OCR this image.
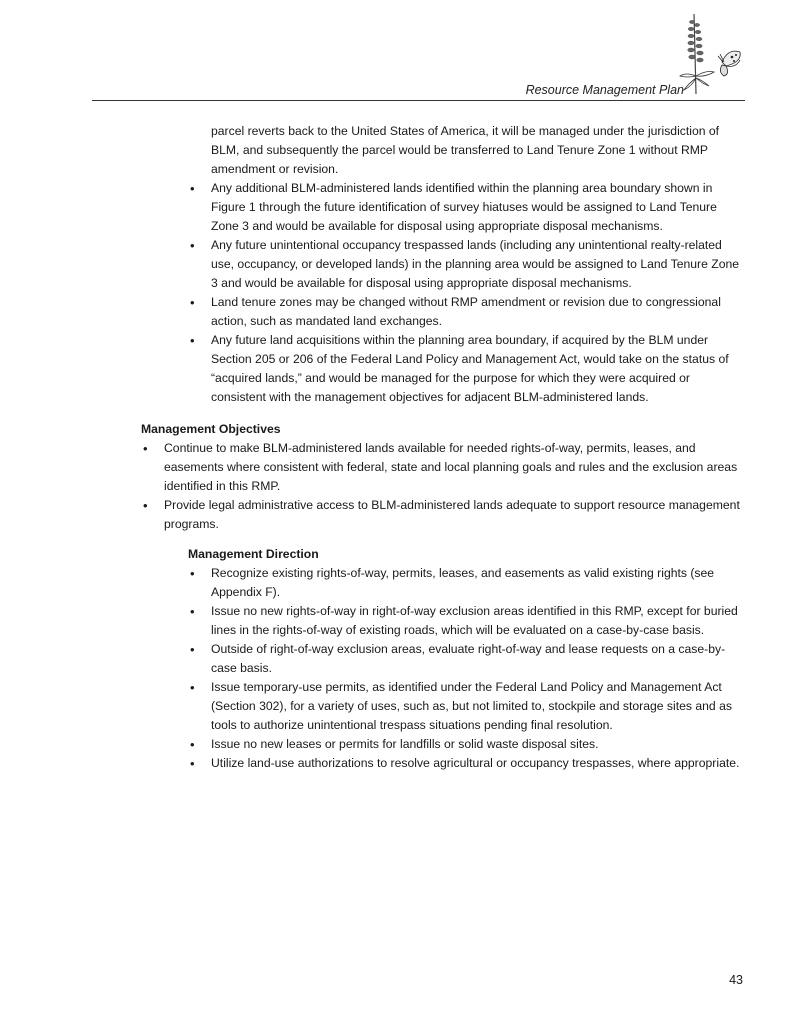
Resource Management Plan

parcel reverts back to the United States of America, it will be managed under the jurisdiction of BLM, and subsequently the parcel would be transferred to Land Tenure Zone 1 without RMP amendment or revision.

• Any additional BLM-administered lands identified within the planning area boundary shown in Figure 1 through the future identification of survey hiatuses would be assigned to Land Tenure Zone 3 and would be available for disposal using appropriate disposal mechanisms.
• Any future unintentional occupancy trespassed lands (including any unintentional realty-related use, occupancy, or developed lands) in the planning area would be assigned to Land Tenure Zone 3 and would be available for disposal using appropriate disposal mechanisms.
• Land tenure zones may be changed without RMP amendment or revision due to congressional action, such as mandated land exchanges.
• Any future land acquisitions within the planning area boundary, if acquired by the BLM under Section 205 or 206 of the Federal Land Policy and Management Act, would take on the status of “acquired lands,” and would be managed for the purpose for which they were acquired or consistent with the management objectives for adjacent BLM-administered lands.
Management Objectives
• Continue to make BLM-administered lands available for needed rights-of-way, permits, leases, and easements where consistent with federal, state and local planning goals and rules and the exclusion areas identified in this RMP.
• Provide legal administrative access to BLM-administered lands adequate to support resource management programs.
Management Direction
• Recognize existing rights-of-way, permits, leases, and easements as valid existing rights (see Appendix F).
• Issue no new rights-of-way in right-of-way exclusion areas identified in this RMP, except for buried lines in the rights-of-way of existing roads, which will be evaluated on a case-by-case basis.
• Outside of right-of-way exclusion areas, evaluate right-of-way and lease requests on a case-by-case basis.
• Issue temporary-use permits, as identified under the Federal Land Policy and Management Act (Section 302), for a variety of uses, such as, but not limited to, stockpile and storage sites and as tools to authorize unintentional trespass situations pending final resolution.
• Issue no new leases or permits for landfills or solid waste disposal sites.
• Utilize land-use authorizations to resolve agricultural or occupancy trespasses, where appropriate.
43
